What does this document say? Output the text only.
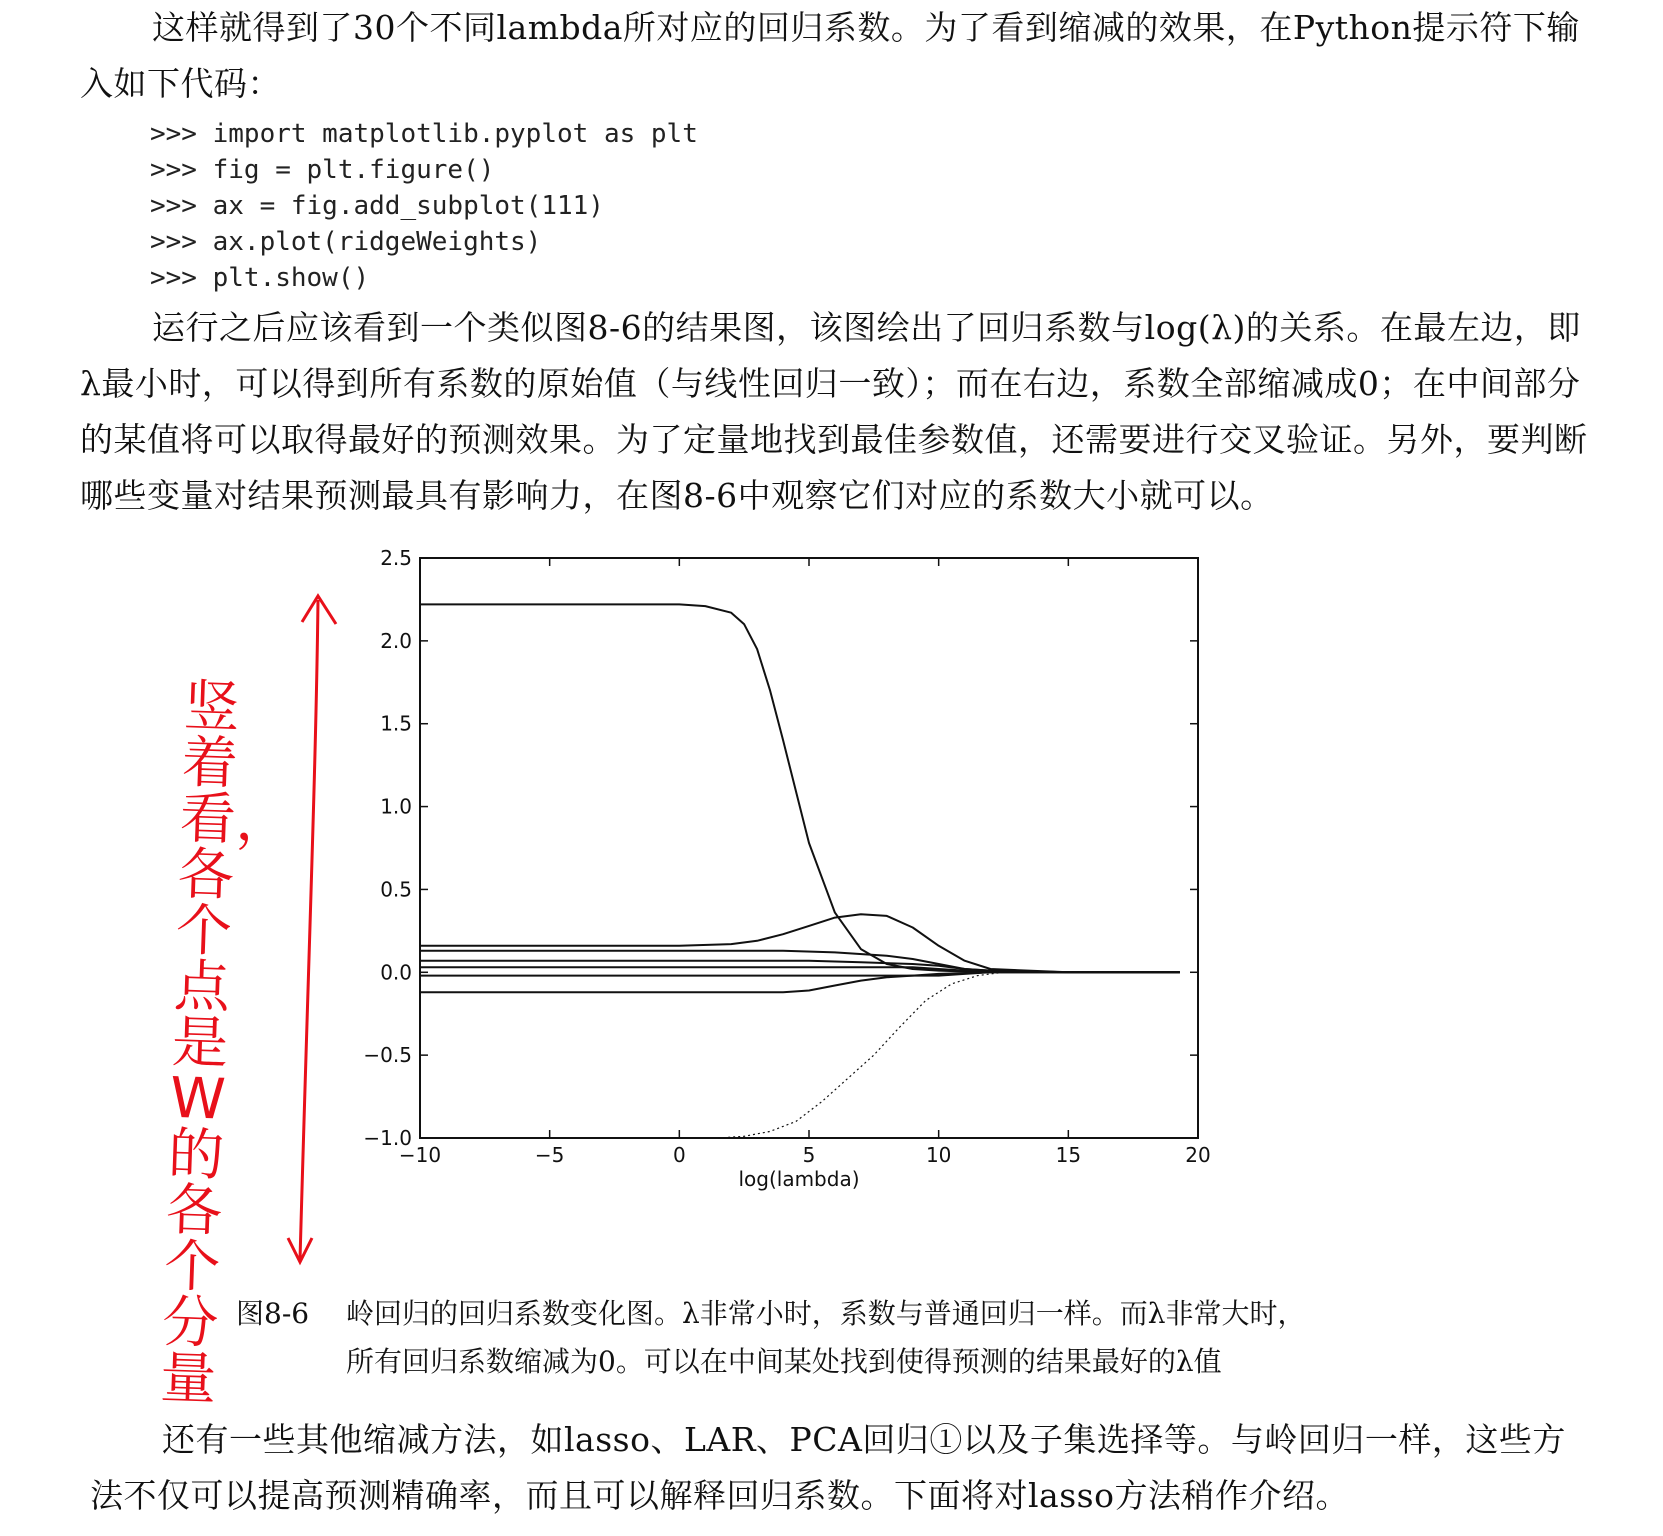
这样就得到了30个不同lambda所对应的回归系数。为了看到缩减的效果，在Python提示符下输入如下代码：
>>> import matplotlib.pyplot as plt
>>> fig = plt.figure()
>>> ax = fig.add_subplot(111)
>>> ax.plot(ridgeWeights)
>>> plt.show()
运行之后应该看到一个类似图8-6的结果图，该图绘出了回归系数与log(λ)的关系。在最左边，即λ最小时，可以得到所有系数的原始值（与线性回归一致）；而在右边，系数全部缩减成0；在中间部分的某值将可以取得最好的预测效果。为了定量地找到最佳参数值，还需要进行交叉验证。另外，要判断哪些变量对结果预测最具有影响力，在图8-6中观察它们对应的系数大小就可以。
−10	−5	0	5	10	15	20
−1.0
−0.5
0.0
0.5
1.0
1.5
2.0
2.5
log(lambda)
竖着看，各个点是W的各个分量
图8-6 岭回归的回归系数变化图。λ非常小时，系数与普通回归一样。而λ非常大时，
所有回归系数缩减为0。可以在中间某处找到使得预测的结果最好的λ值
还有一些其他缩减方法，如lasso、LAR、PCA回归①以及子集选择等。与岭回归一样，这些方法不仅可以提高预测精确率，而且可以解释回归系数。下面将对lasso方法稍作介绍。
